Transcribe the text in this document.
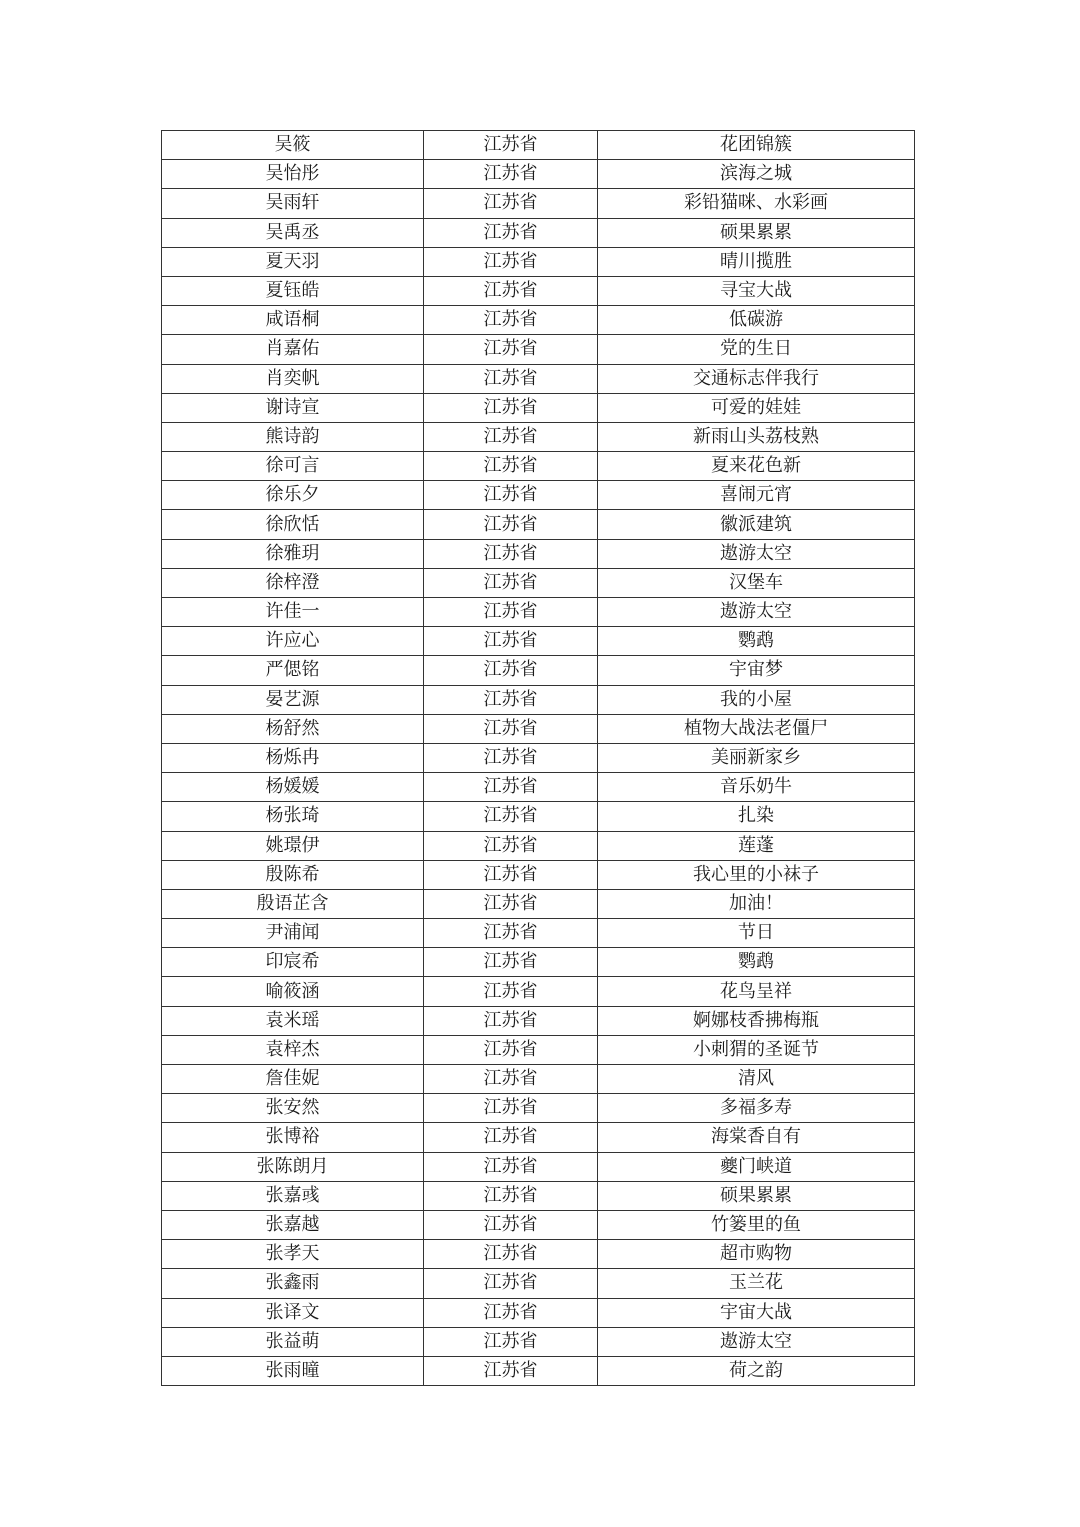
吴筱	江苏省	花团锦簇
吴怡彤	江苏省	滨海之城
吴雨轩	江苏省	彩铅猫咪、水彩画
吴禹丞	江苏省	硕果累累
夏天羽	江苏省	晴川揽胜
夏钰皓	江苏省	寻宝大战
咸语桐	江苏省	低碳游
肖嘉佑	江苏省	党的生日
肖奕帆	江苏省	交通标志伴我行
谢诗宣	江苏省	可爱的娃娃
熊诗韵	江苏省	新雨山头荔枝熟
徐可言	江苏省	夏来花色新
徐乐夕	江苏省	喜闹元宵
徐欣恬	江苏省	徽派建筑
徐雅玥	江苏省	遨游太空
徐梓澄	江苏省	汉堡车
许佳一	江苏省	遨游太空
许应心	江苏省	鹦鹉
严偲铭	江苏省	宇宙梦
晏艺源	江苏省	我的小屋
杨舒然	江苏省	植物大战法老僵尸
杨烁冉	江苏省	美丽新家乡
杨媛媛	江苏省	音乐奶牛
杨张琦	江苏省	扎染
姚璟伊	江苏省	莲蓬
殷陈希	江苏省	我心里的小袜子
殷语芷含	江苏省	加油！
尹浦闻	江苏省	节日
印宸希	江苏省	鹦鹉
喻筱涵	江苏省	花鸟呈祥
袁米瑶	江苏省	婀娜枝香拂梅瓶
袁梓杰	江苏省	小刺猬的圣诞节
詹佳妮	江苏省	清风
张安然	江苏省	多福多寿
张博裕	江苏省	海棠香自有
张陈朗月	江苏省	夔门峡道
张嘉彧	江苏省	硕果累累
张嘉越	江苏省	竹篓里的鱼
张孝天	江苏省	超市购物
张鑫雨	江苏省	玉兰花
张译文	江苏省	宇宙大战
张益萌	江苏省	遨游太空
张雨曈	江苏省	荷之韵
